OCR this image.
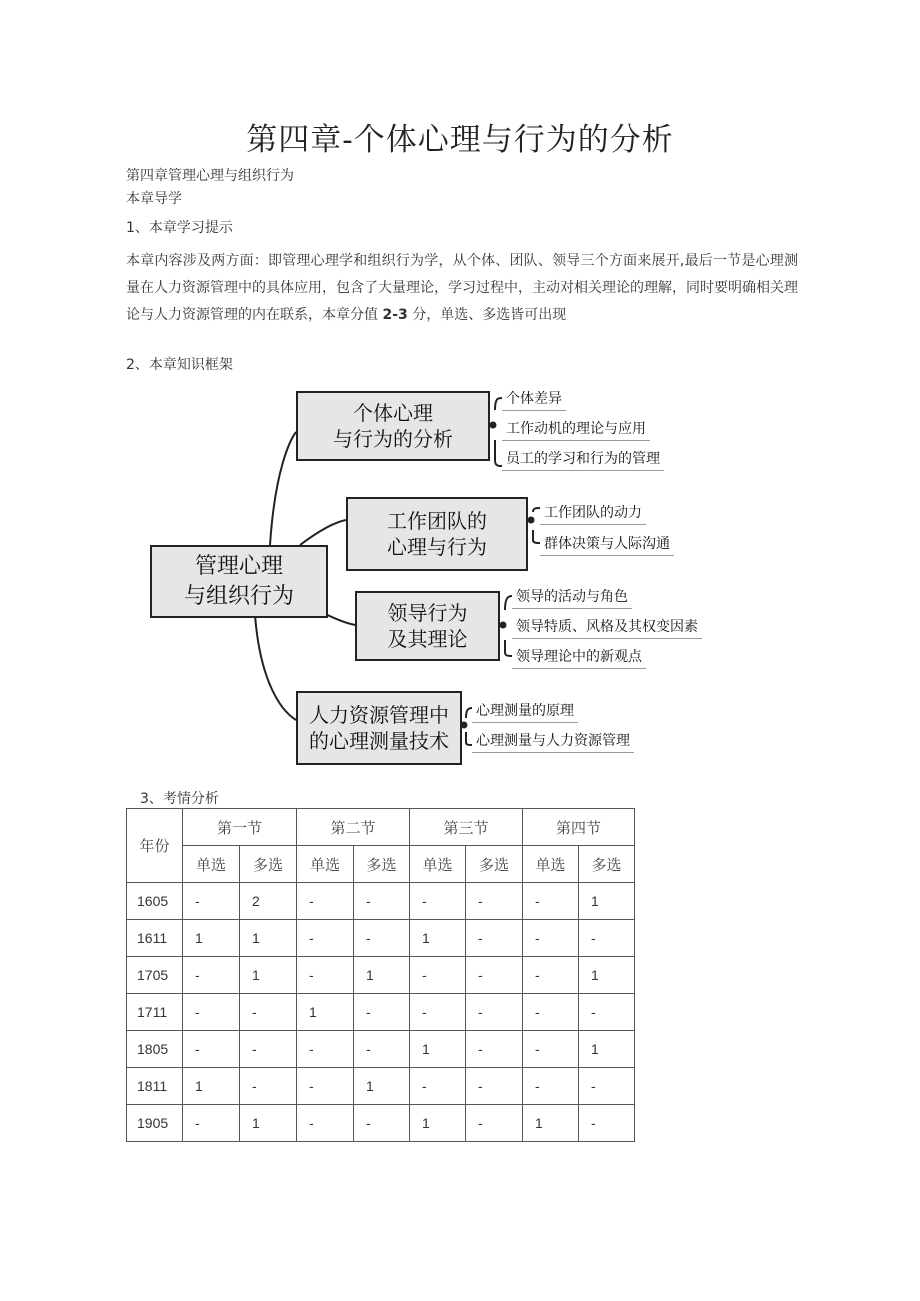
第四章-个体心理与行为的分析
第四章管理心理与组织行为
本章导学
1、本章学习提示
本章内容涉及两方面：即管理心理学和组织行为学，从个体、团队、领导三个方面来展开,最后一节是心理测量在人力资源管理中的具体应用，包含了大量理论，学习过程中，主动对相关理论的理解，同时要明确相关理论与人力资源管理的内在联系，本章分值 2-3 分，单选、多选皆可出现
2、本章知识框架
管理心理
与组织行为
个体心理
与行为的分析
工作团队的
心理与行为
领导行为
及其理论
人力资源管理中
的心理测量技术
个体差异
工作动机的理论与应用
员工的学习和行为的管理
工作团队的动力
群体决策与人际沟通
领导的活动与角色
领导特质、风格及其权变因素
领导理论中的新观点
心理测量的原理
心理测量与人力资源管理
3、考情分析
年份	第一节		第二节		第三节		第四节	
	单选	多选	单选	多选	单选	多选	单选	多选
1605	-	2	-	-	-	-	-	1
1611	1	1	-	-	1	-	-	-
1705	-	1	-	1	-	-	-	1
1711	-	-	1	-	-	-	-	-
1805	-	-	-	-	1	-	-	1
1811	1	-	-	1	-	-	-	-
1905	-	1	-	-	1	-	1	-
